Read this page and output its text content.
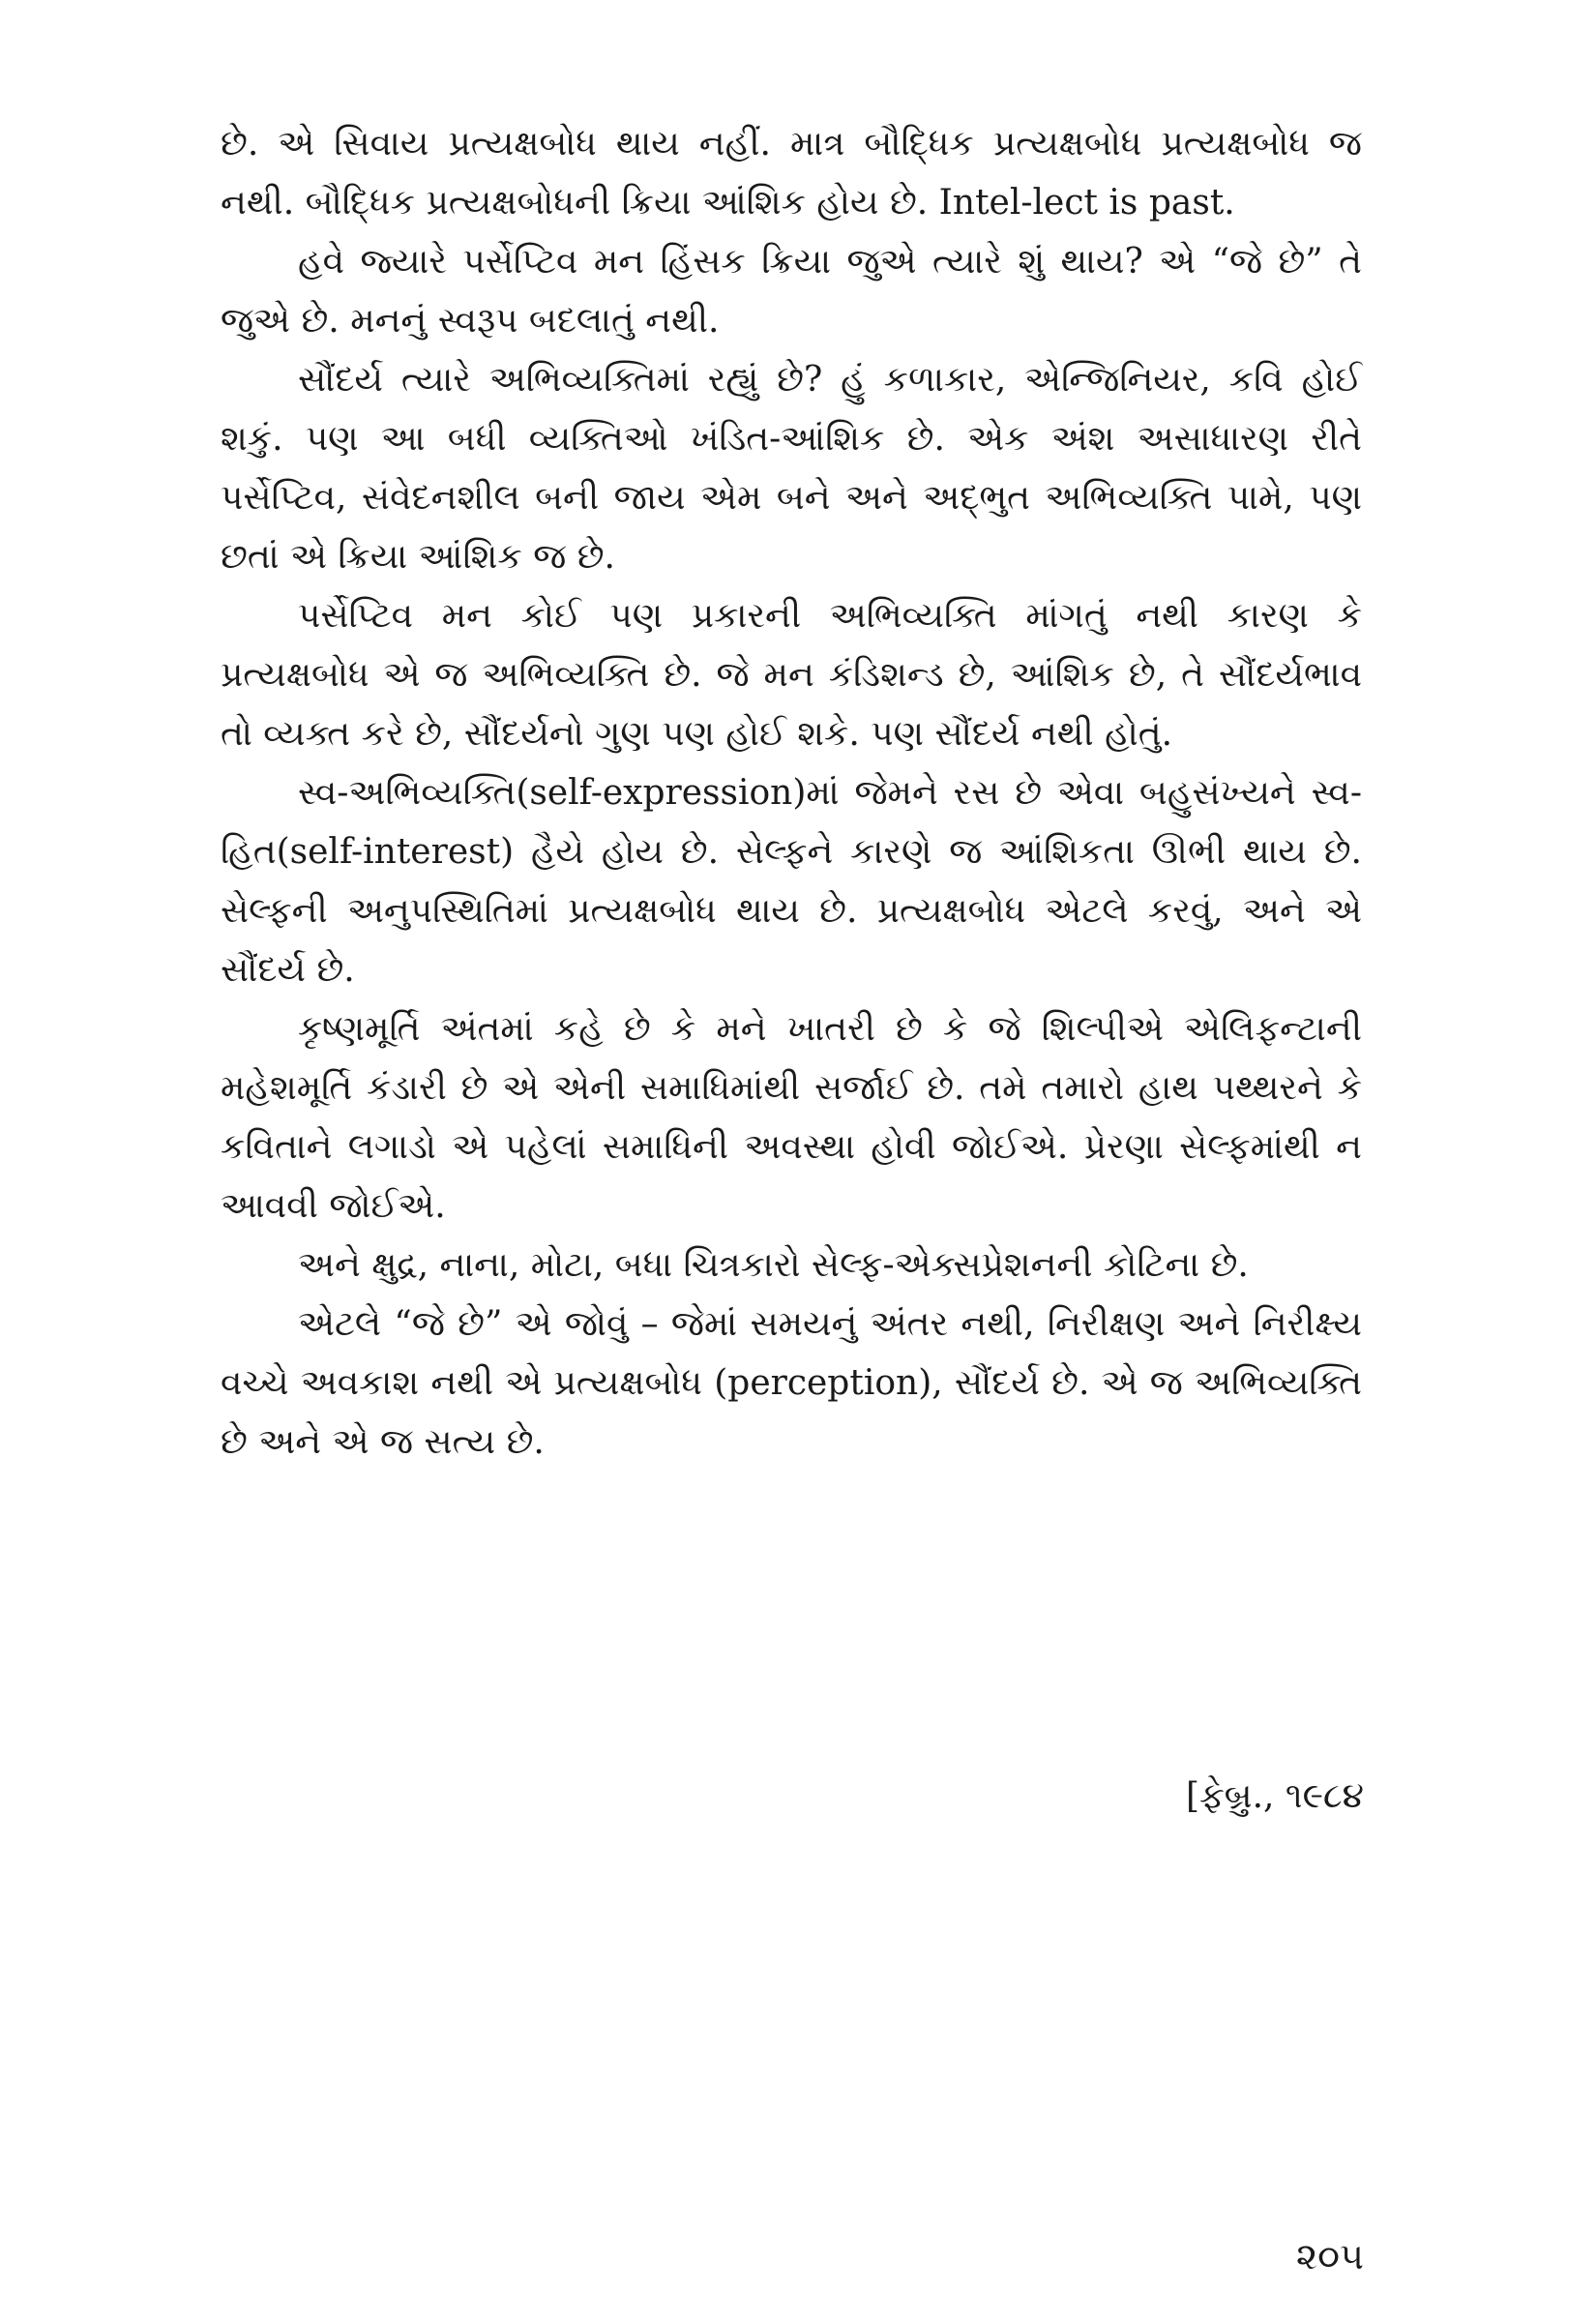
છે. એ સિવાય પ્રત્યક્ષબોધ થાય નહીં. માત્ર બૌદ્ધિક પ્રત્યક્ષબોધ પ્રત્યક્ષબોધ જ નથી. બૌદ્ધિક પ્રત્યક્ષબોધની ક્રિયા આંશિક હોય છે. Intel-lect is past.

હવે જ્યારે પર્સેપ્ટિવ મન હિંસક ક્રિયા જુએ ત્યારે શું થાય? એ “જે છે” તે જુએ છે. મનનું સ્વરૂપ બદલાતું નથી.

સૌંદર્ય ત્યારે અભિવ્યક્તિમાં રહ્યું છે? હું કળાકાર, એન્જિનિયર, કવિ હોઈ શકું. પણ આ બધી વ્યક્તિઓ ખંડિત-આંશિક છે. એક અંશ અસાધારણ રીતે પર્સેપ્ટિવ, સંવેદનશીલ બની જાય એમ બને અને અદ્ભુત અભિવ્યક્તિ પામે, પણ છતાં એ ક્રિયા આંશિક જ છે.

પર્સેપ્ટિવ મન કોઈ પણ પ્રકારની અભિવ્યક્તિ માંગતું નથી કારણ કે પ્રત્યક્ષબોધ એ જ અભિવ્યક્તિ છે. જે મન કંડિશન્ડ છે, આંશિક છે, તે સૌંદર્યભાવ તો વ્યક્ત કરે છે, સૌંદર્યનો ગુણ પણ હોઈ શકે. પણ સૌંદર્ય નથી હોતું.

સ્વ-અભિવ્યક્તિ(self-expression)માં જેમને રસ છે એવા બહુસંખ્યને સ્વ-હિત(self-interest) હૈયે હોય છે. સેલ્ફને કારણે જ આંશિકતા ઊભી થાય છે. સેલ્ફની અનુપસ્થિતિમાં પ્રત્યક્ષબોધ થાય છે. પ્રત્યક્ષબોધ એટલે કરવું, અને એ સૌંદર્ય છે.

કૃષ્ણમૂર્તિ અંતમાં કહે છે કે મને ખાતરી છે કે જે શિલ્પીએ એલિફન્ટાની મહેશમૂર્તિ કંડારી છે એ એની સમાધિમાંથી સર્જાઈ છે. તમે તમારો હાથ પથ્થરને કે કવિતાને લગાડો એ પહેલાં સમાધિની અવસ્થા હોવી જોઈએ. પ્રેરણા સેલ્ફમાંથી ન આવવી જોઈએ.

અને ક્ષુદ્ર, નાના, મોટા, બધા ચિત્રકારો સેલ્ફ-એક્સપ્રેશનની કોટિના છે.

એટલે “જે છે” એ જોવું – જેમાં સમયનું અંતર નથી, નિરીક્ષણ અને નિરીક્ષ્ય વચ્ચે અવકાશ નથી એ પ્રત્યક્ષબોધ (perception), સૌંદર્ય છે. એ જ અભિવ્યક્તિ છે અને એ જ સત્ય છે.

[ફેબ્રુ., ૧૯૮૪
૨૦૫
